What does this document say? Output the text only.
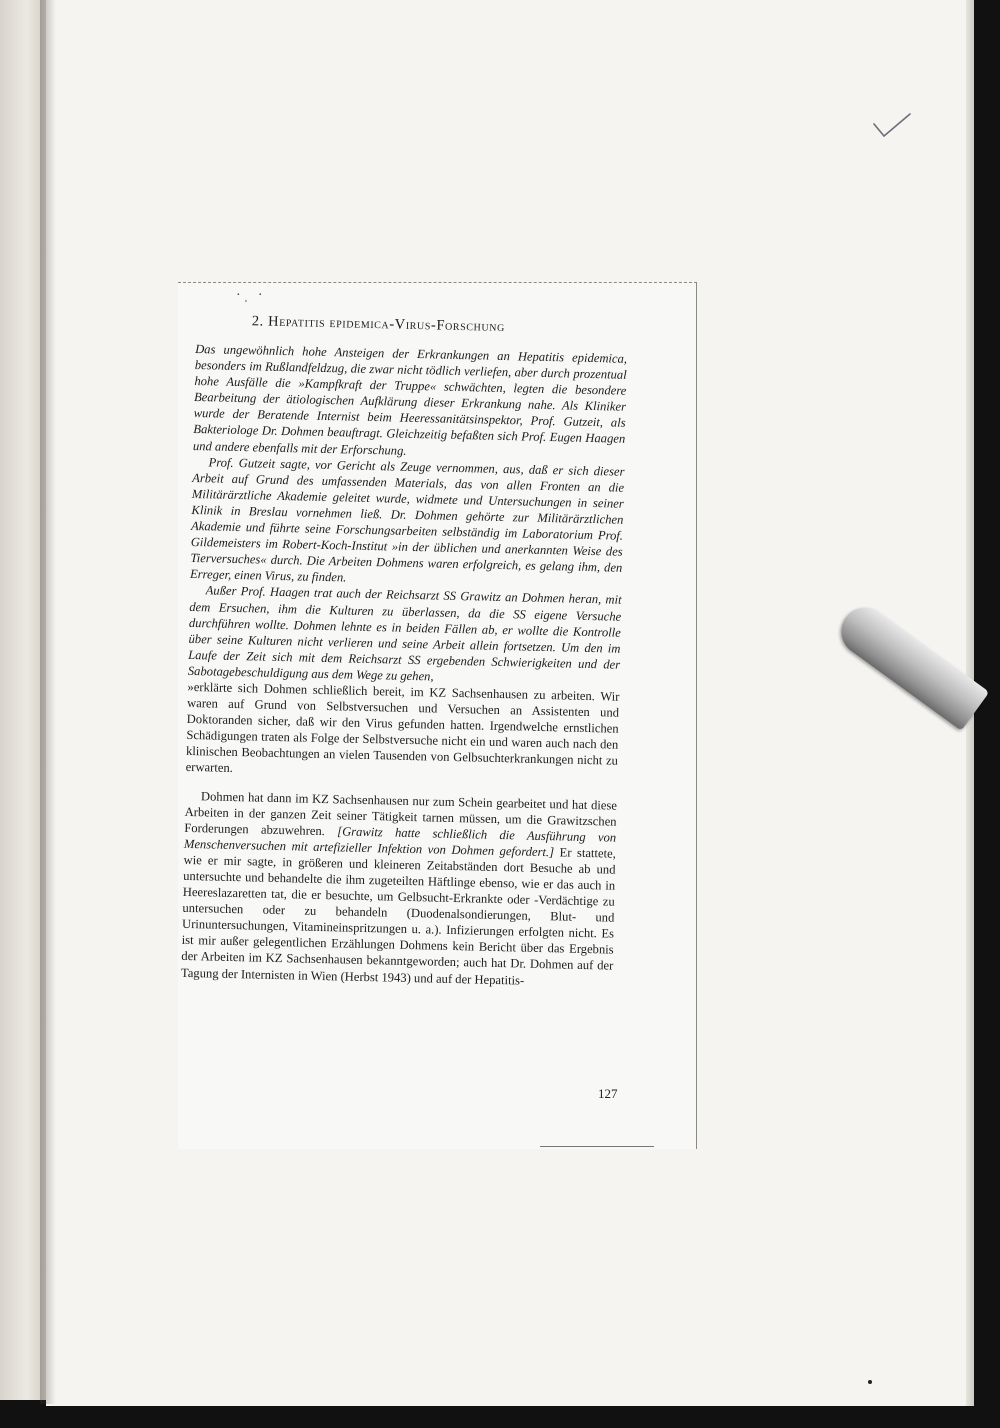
·ˌ ·
2. Hepatitis epidemica-Virus-Forschung

Das ungewöhnlich hohe Ansteigen der Erkrankungen an Hepatitis epidemica, besonders im Rußlandfeldzug, die zwar nicht tödlich verliefen, aber durch prozentual hohe Ausfälle die »Kampfkraft der Truppe« schwächten, legten die besondere Bearbeitung der ätiologischen Aufklärung dieser Erkrankung nahe. Als Kliniker wurde der Beratende Internist beim Heeressanitätsinspektor, Prof. Gutzeit, als Bakteriologe Dr. Dohmen beauftragt. Gleichzeitig befaßten sich Prof. Eugen Haagen und andere ebenfalls mit der Erforschung.

Prof. Gutzeit sagte, vor Gericht als Zeuge vernommen, aus, daß er sich dieser Arbeit auf Grund des umfassenden Materials, das von allen Fronten an die Militärärztliche Akademie geleitet wurde, widmete und Untersuchungen in seiner Klinik in Breslau vornehmen ließ. Dr. Dohmen gehörte zur Militärärztlichen Akademie und führte seine Forschungsarbeiten selbständig im Laboratorium Prof. Gildemeisters im Robert-Koch-Institut »in der üblichen und anerkannten Weise des Tierversuches« durch. Die Arbeiten Dohmens waren erfolgreich, es gelang ihm, den Erreger, einen Virus, zu finden.

Außer Prof. Haagen trat auch der Reichsarzt SS Grawitz an Dohmen heran, mit dem Ersuchen, ihm die Kulturen zu überlassen, da die SS eigene Versuche durchführen wollte. Dohmen lehnte es in beiden Fällen ab, er wollte die Kontrolle über seine Kulturen nicht verlieren und seine Arbeit allein fortsetzen. Um den im Laufe der Zeit sich mit dem Reichsarzt SS ergebenden Schwierigkeiten und der Sabotagebeschuldigung aus dem Wege zu gehen,

»erklärte sich Dohmen schließlich bereit, im KZ Sachsenhausen zu arbeiten. Wir waren auf Grund von Selbstversuchen und Versuchen an Assistenten und Doktoranden sicher, daß wir den Virus gefunden hatten. Irgendwelche ernstlichen Schädigungen traten als Folge der Selbstversuche nicht ein und waren auch nach den klinischen Beobachtungen an vielen Tausenden von Gelbsuchterkrankungen nicht zu erwarten.

Dohmen hat dann im KZ Sachsenhausen nur zum Schein gearbeitet und hat diese Arbeiten in der ganzen Zeit seiner Tätigkeit tarnen müssen, um die Grawitzschen Forderungen abzuwehren. [Grawitz hatte schließlich die Ausführung von Menschenversuchen mit artefizieller Infektion von Dohmen gefordert.] Er stattete, wie er mir sagte, in größeren und kleineren Zeitabständen dort Besuche ab und untersuchte und behandelte die ihm zugeteilten Häftlinge ebenso, wie er das auch in Heereslazaretten tat, die er besuchte, um Gelbsucht-Erkrankte oder -Verdächtige zu untersuchen oder zu behandeln (Duodenalsondierungen, Blut- und Urinuntersuchungen, Vitamineinspritzungen u. a.). Infizierungen erfolgten nicht. Es ist mir außer gelegentlichen Erzählungen Dohmens kein Bericht über das Ergebnis der Arbeiten im KZ Sachsenhausen bekanntgeworden; auch hat Dr. Dohmen auf der Tagung der Internisten in Wien (Herbst 1943) und auf der Hepatitis-

127
